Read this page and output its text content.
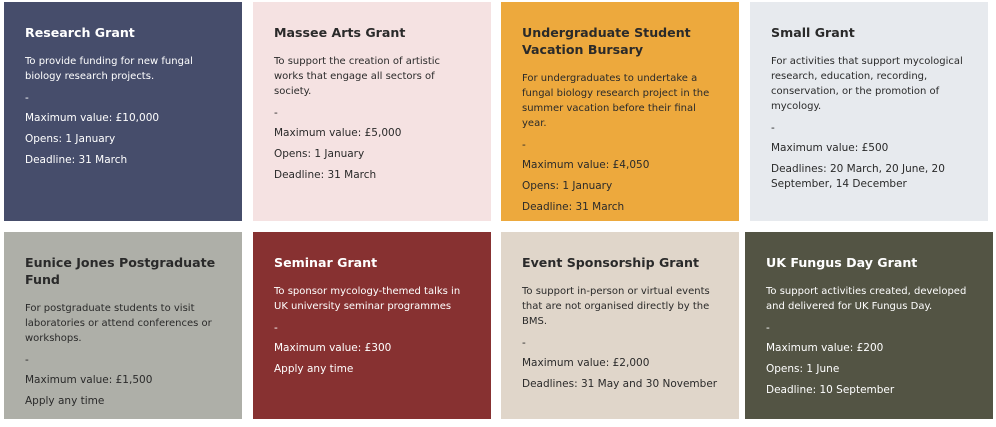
Research Grant

To provide funding for new fungal biology research projects.

-

Maximum value: £10,000

Opens: 1 January

Deadline: 31 March

Massee Arts Grant

To support the creation of artistic works that engage all sectors of society.

-

Maximum value: £5,000

Opens: 1 January

Deadline: 31 March

Undergraduate Student Vacation Bursary

For undergraduates to undertake a fungal biology research project in the summer vacation before their final year.

-

Maximum value: £4,050

Opens: 1 January

Deadline: 31 March

Small Grant

For activities that support mycological research, education, recording, conservation, or the promotion of mycology.

-

Maximum value: £500

Deadlines: 20 March, 20 June, 20 September, 14 December

Eunice Jones Postgraduate Fund

For postgraduate students to visit laboratories or attend conferences or workshops.

-

Maximum value: £1,500

Apply any time

Seminar Grant

To sponsor mycology-themed talks in UK university seminar programmes

-

Maximum value: £300

Apply any time

Event Sponsorship Grant

To support in-person or virtual events that are not organised directly by the BMS.

-

Maximum value: £2,000

Deadlines: 31 May and 30 November

UK Fungus Day Grant

To support activities created, developed and delivered for UK Fungus Day.

-

Maximum value: £200

Opens: 1 June

Deadline: 10 September
